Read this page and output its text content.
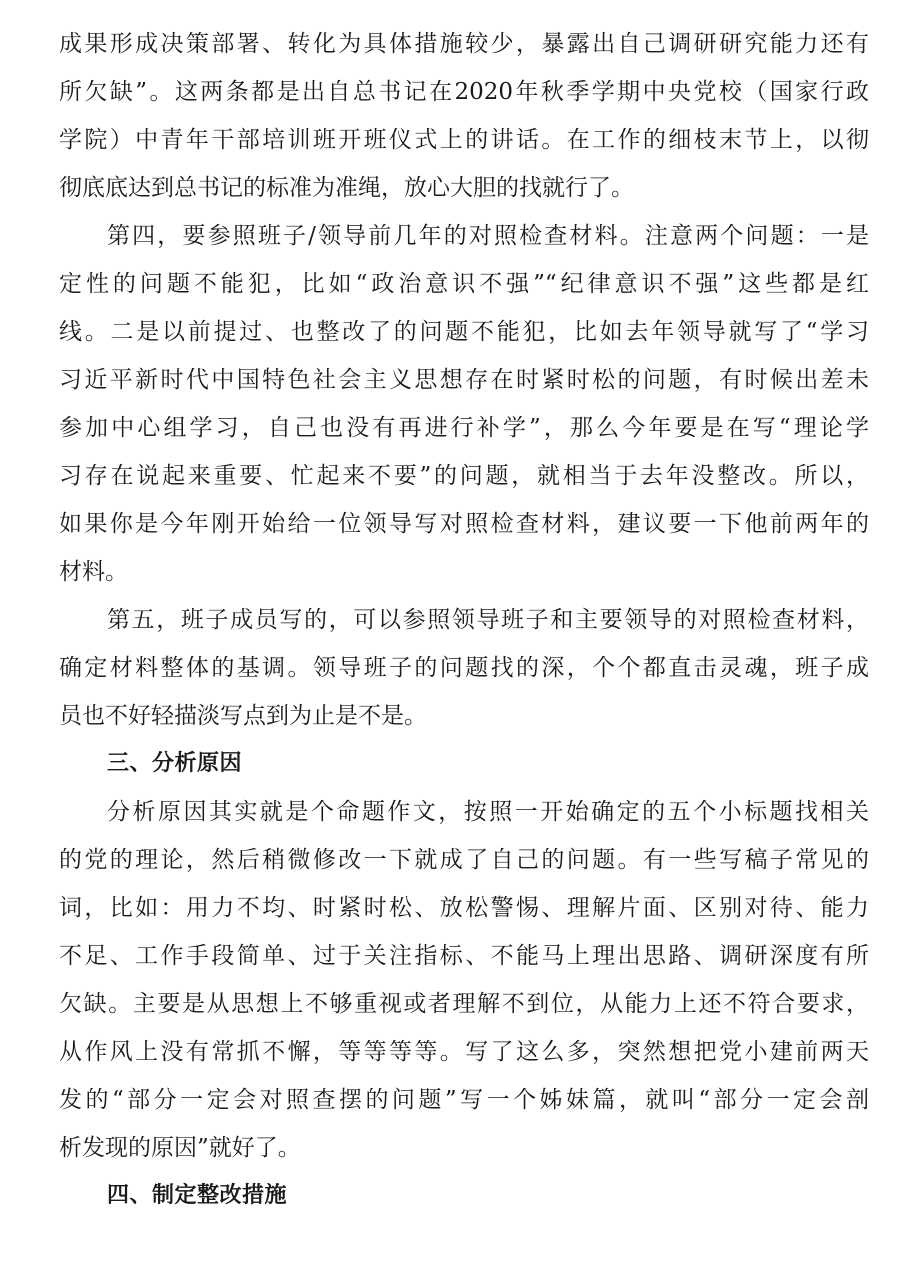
成果形成决策部署、转化为具体措施较少，暴露出自己调研研究能力还有
所欠缺”。这两条都是出自总书记在2020年秋季学期中央党校（国家行政
学院）中青年干部培训班开班仪式上的讲话。在工作的细枝末节上，以彻
彻底底达到总书记的标准为准绳，放心大胆的找就行了。
第四，要参照班子/领导前几年的对照检查材料。注意两个问题：一是
定性的问题不能犯，比如“政治意识不强”“纪律意识不强”这些都是红
线。二是以前提过、也整改了的问题不能犯，比如去年领导就写了“学习
习近平新时代中国特色社会主义思想存在时紧时松的问题，有时候出差未
参加中心组学习，自己也没有再进行补学”，那么今年要是在写“理论学
习存在说起来重要、忙起来不要”的问题，就相当于去年没整改。所以，
如果你是今年刚开始给一位领导写对照检查材料，建议要一下他前两年的
材料。
第五，班子成员写的，可以参照领导班子和主要领导的对照检查材料，
确定材料整体的基调。领导班子的问题找的深，个个都直击灵魂，班子成
员也不好轻描淡写点到为止是不是。
三、分析原因
分析原因其实就是个命题作文，按照一开始确定的五个小标题找相关
的党的理论，然后稍微修改一下就成了自己的问题。有一些写稿子常见的
词，比如：用力不均、时紧时松、放松警惕、理解片面、区别对待、能力
不足、工作手段简单、过于关注指标、不能马上理出思路、调研深度有所
欠缺。主要是从思想上不够重视或者理解不到位，从能力上还不符合要求，
从作风上没有常抓不懈，等等等等。写了这么多，突然想把党小建前两天
发的“部分一定会对照查摆的问题”写一个姊妹篇，就叫“部分一定会剖
析发现的原因”就好了。
四、制定整改措施
